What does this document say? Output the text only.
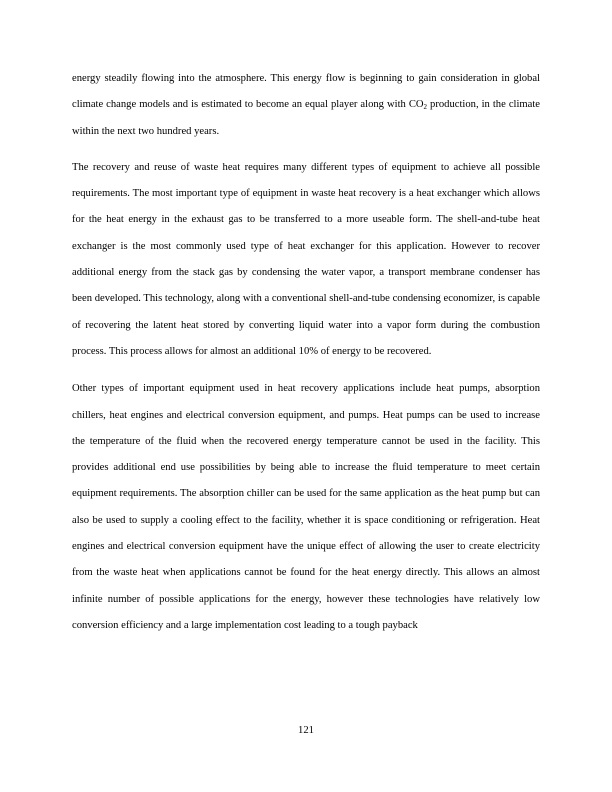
energy steadily flowing into the atmosphere. This energy flow is beginning to gain consideration in global climate change models and is estimated to become an equal player along with $CO_2$ production, in the climate within the next two hundred years.

The recovery and reuse of waste heat requires many different types of equipment to achieve all possible requirements. The most important type of equipment in waste heat recovery is a heat exchanger which allows for the heat energy in the exhaust gas to be transferred to a more useable form. The shell-and-tube heat exchanger is the most commonly used type of heat exchanger for this application. However to recover additional energy from the stack gas by condensing the water vapor, a transport membrane condenser has been developed. This technology, along with a conventional shell-and-tube condensing economizer, is capable of recovering the latent heat stored by converting liquid water into a vapor form during the combustion process. This process allows for almost an additional 10% of energy to be recovered.

Other types of important equipment used in heat recovery applications include heat pumps, absorption chillers, heat engines and electrical conversion equipment, and pumps. Heat pumps can be used to increase the temperature of the fluid when the recovered energy temperature cannot be used in the facility. This provides additional end use possibilities by being able to increase the fluid temperature to meet certain equipment requirements. The absorption chiller can be used for the same application as the heat pump but can also be used to supply a cooling effect to the facility, whether it is space conditioning or refrigeration. Heat engines and electrical conversion equipment have the unique effect of allowing the user to create electricity from the waste heat when applications cannot be found for the heat energy directly. This allows an almost infinite number of possible applications for the energy, however these technologies have relatively low conversion efficiency and a large implementation cost leading to a tough payback

121
